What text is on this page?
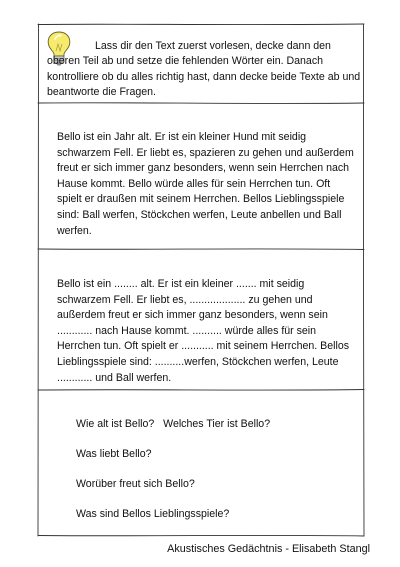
Lass dir den Text zuerst vorlesen, decke dann den oberen Teil ab und setze die fehlenden Wörter ein. Danach kontrolliere ob du alles richtig hast, dann decke beide Texte ab und beantworte die Fragen.

Bello ist ein Jahr alt. Er ist ein kleiner Hund mit seidig schwarzem Fell. Er liebt es, spazieren zu gehen und außerdem freut er sich immer ganz besonders, wenn sein Herrchen nach Hause kommt. Bello würde alles für sein Herrchen tun. Oft spielt er draußen mit seinem Herrchen. Bellos Lieblingsspiele sind: Ball werfen, Stöckchen werfen, Leute anbellen und Ball werfen.

Bello ist ein ........ alt. Er ist ein kleiner ....... mit seidig schwarzem Fell. Er liebt es, ................... zu gehen und außerdem freut er sich immer ganz besonders, wenn sein ............ nach Hause kommt. .......... würde alles für sein Herrchen tun. Oft spielt er ........... mit seinem Herrchen. Bellos Lieblingsspiele sind: ..........werfen, Stöckchen werfen, Leute ............ und Ball werfen.

Wie alt ist Bello?   Welches Tier ist Bello?
Was liebt Bello?
Worüber freut sich Bello?
Was sind Bellos Lieblingsspiele?

Akustisches Gedächtnis - Elisabeth Stangl
